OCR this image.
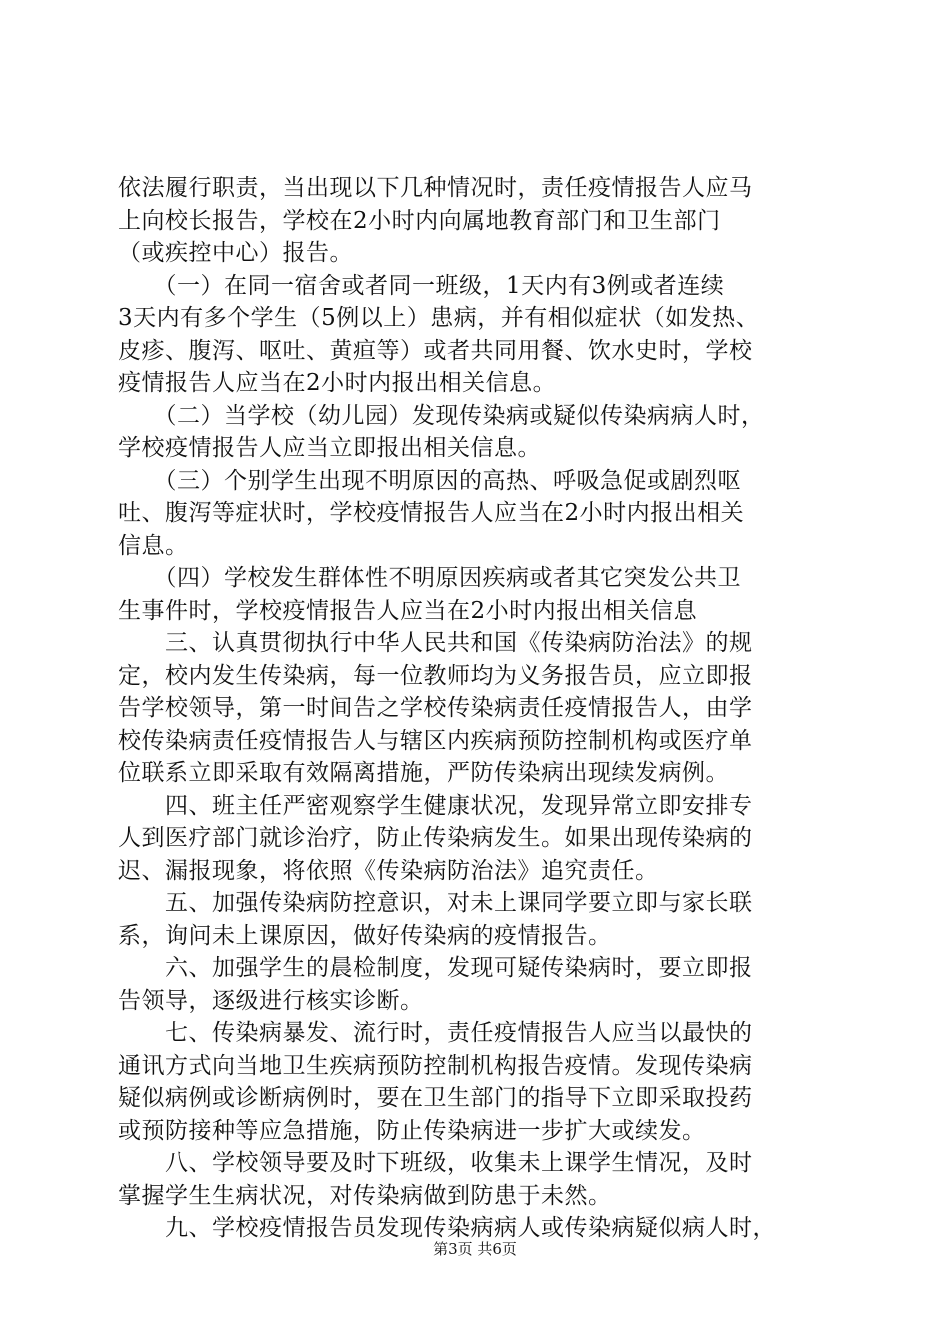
依法履行职责，当出现以下几种情况时，责任疫情报告人应马
上向校长报告，学校在2小时内向属地教育部门和卫生部门
（或疾控中心）报告。
　　（一）在同一宿舍或者同一班级，1天内有3例或者连续
3天内有多个学生（5例以上）患病，并有相似症状（如发热、
皮疹、腹泻、呕吐、黄疸等）或者共同用餐、饮水史时，学校
疫情报告人应当在2小时内报出相关信息。
　　（二）当学校（幼儿园）发现传染病或疑似传染病病人时，
学校疫情报告人应当立即报出相关信息。
　　（三）个别学生出现不明原因的高热、呼吸急促或剧烈呕
吐、腹泻等症状时，学校疫情报告人应当在2小时内报出相关
信息。
　　（四）学校发生群体性不明原因疾病或者其它突发公共卫
生事件时，学校疫情报告人应当在2小时内报出相关信息
　　三、认真贯彻执行中华人民共和国《传染病防治法》的规
定，校内发生传染病，每一位教师均为义务报告员，应立即报
告学校领导，第一时间告之学校传染病责任疫情报告人，由学
校传染病责任疫情报告人与辖区内疾病预防控制机构或医疗单
位联系立即采取有效隔离措施，严防传染病出现续发病例。
　　四、班主任严密观察学生健康状况，发现异常立即安排专
人到医疗部门就诊治疗，防止传染病发生。如果出现传染病的
迟、漏报现象，将依照《传染病防治法》追究责任。
　　五、加强传染病防控意识，对未上课同学要立即与家长联
系，询问未上课原因，做好传染病的疫情报告。
　　六、加强学生的晨检制度，发现可疑传染病时，要立即报
告领导，逐级进行核实诊断。
　　七、传染病暴发、流行时，责任疫情报告人应当以最快的
通讯方式向当地卫生疾病预防控制机构报告疫情。发现传染病
疑似病例或诊断病例时，要在卫生部门的指导下立即采取投药
或预防接种等应急措施，防止传染病进一步扩大或续发。
　　八、学校领导要及时下班级，收集未上课学生情况，及时
掌握学生生病状况，对传染病做到防患于未然。
　　九、学校疫情报告员发现传染病病人或传染病疑似病人时，
第3页 共6页
